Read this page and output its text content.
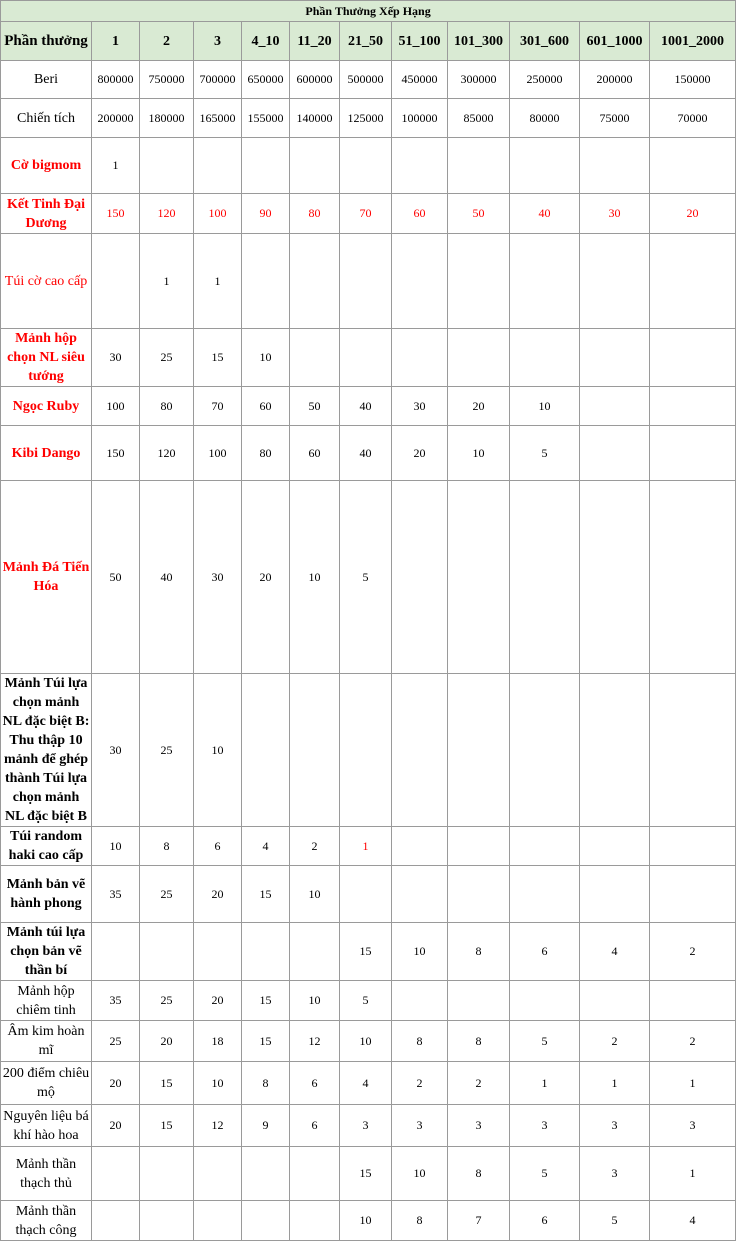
Phần Thưởng Xếp Hạng											
Phần thưởng	1	2	3	4_10	11_20	21_50	51_100	101_300	301_600	601_1000	1001_2000
Beri	800000	750000	700000	650000	600000	500000	450000	300000	250000	200000	150000
Chiến tích	200000	180000	165000	155000	140000	125000	100000	85000	80000	75000	70000
Cờ bigmom	1										
Kết Tinh Đại Dương	150	120	100	90	80	70	60	50	40	30	20
Túi cờ cao cấp		1	1								
Mảnh hộp chọn NL siêu tướng	30	25	15	10							
Ngọc Ruby	100	80	70	60	50	40	30	20	10		
Kibi Dango	150	120	100	80	60	40	20	10	5		
Mảnh Đá Tiến Hóa	50	40	30	20	10	5					
Mảnh Túi lựa chọn mảnh NL đặc biệt B: Thu thập 10 mảnh để ghép thành Túi lựa chọn mảnh NL đặc biệt B	30	25	10								
Túi random haki cao cấp	10	8	6	4	2	1					
Mảnh bản vẽ hành phong	35	25	20	15	10						
Mảnh túi lựa chọn bản vẽ thần bí						15	10	8	6	4	2
Mảnh hộp chiêm tinh	35	25	20	15	10	5					
Âm kim hoàn mĩ	25	20	18	15	12	10	8	8	5	2	2
200 điểm chiêu mộ	20	15	10	8	6	4	2	2	1	1	1
Nguyên liệu bá khí hào hoa	20	15	12	9	6	3	3	3	3	3	3
Mảnh thần thạch thủ						15	10	8	5	3	1
Mảnh thần thạch công						10	8	7	6	5	4
